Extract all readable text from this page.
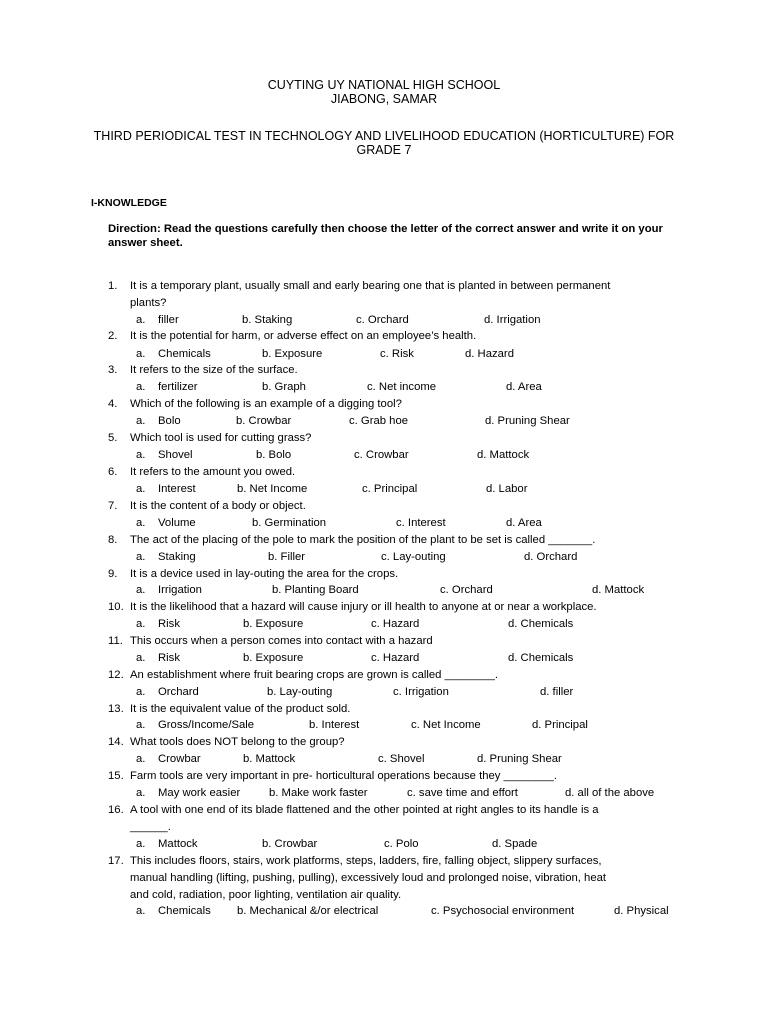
CUYTING UY NATIONAL HIGH SCHOOL
JIABONG, SAMAR
THIRD PERIODICAL TEST IN TECHNOLOGY AND LIVELIHOOD EDUCATION (HORTICULTURE) FOR
GRADE 7
I-KNOWLEDGE
Direction: Read the questions carefully then choose the letter of the correct answer and write it on your answer sheet.
1. It is a temporary plant, usually small and early bearing one that is planted in between permanent
plants?
a. filler	b. Staking	c. Orchard	d. Irrigation
2. It is the potential for harm, or adverse effect on an employee’s health.
a. Chemicals	b. Exposure	c. Risk	d. Hazard
3. It refers to the size of the surface.
a. fertilizer	b. Graph	c. Net income	d. Area
4. Which of the following is an example of a digging tool?
a. Bolo	b. Crowbar	c. Grab hoe	d. Pruning Shear
5. Which tool is used for cutting grass?
a. Shovel	b. Bolo	c. Crowbar	d. Mattock
6. It refers to the amount you owed.
a. Interest	b. Net Income	c. Principal	d. Labor
7. It is the content of a body or object.
a. Volume	b. Germination	c. Interest	d. Area
8. The act of the placing of the pole to mark the position of the plant to be set is called _______.
a. Staking	b. Filler	c. Lay-outing	d. Orchard
9. It is a device used in lay-outing the area for the crops.
a. Irrigation	b. Planting Board	c. Orchard	d. Mattock
10. It is the likelihood that a hazard will cause injury or ill health to anyone at or near a workplace.
a. Risk	b. Exposure	c. Hazard	d. Chemicals
11. This occurs when a person comes into contact with a hazard
a. Risk	b. Exposure	c. Hazard	d. Chemicals
12. An establishment where fruit bearing crops are grown is called ________.
a. Orchard	b. Lay-outing	c. Irrigation	d. filler
13. It is the equivalent value of the product sold.
a. Gross/Income/Sale	b. Interest	c. Net Income	d. Principal
14. What tools does NOT belong to the group?
a. Crowbar	b. Mattock	c. Shovel	d. Pruning Shear
15. Farm tools are very important in pre- horticultural operations because they ________.
a. May work easier	b. Make work faster	c. save time and effort	d. all of the above
16. A tool with one end of its blade flattened and the other pointed at right angles to its handle is a
______.
a. Mattock	b. Crowbar	c. Polo	d. Spade
17. This includes floors, stairs, work platforms, steps, ladders, fire, falling object, slippery surfaces,
manual handling (lifting, pushing, pulling), excessively loud and prolonged noise, vibration, heat
and cold, radiation, poor lighting, ventilation air quality.
a. Chemicals b. Mechanical &/or electrical	c. Psychosocial environment	d. Physical
